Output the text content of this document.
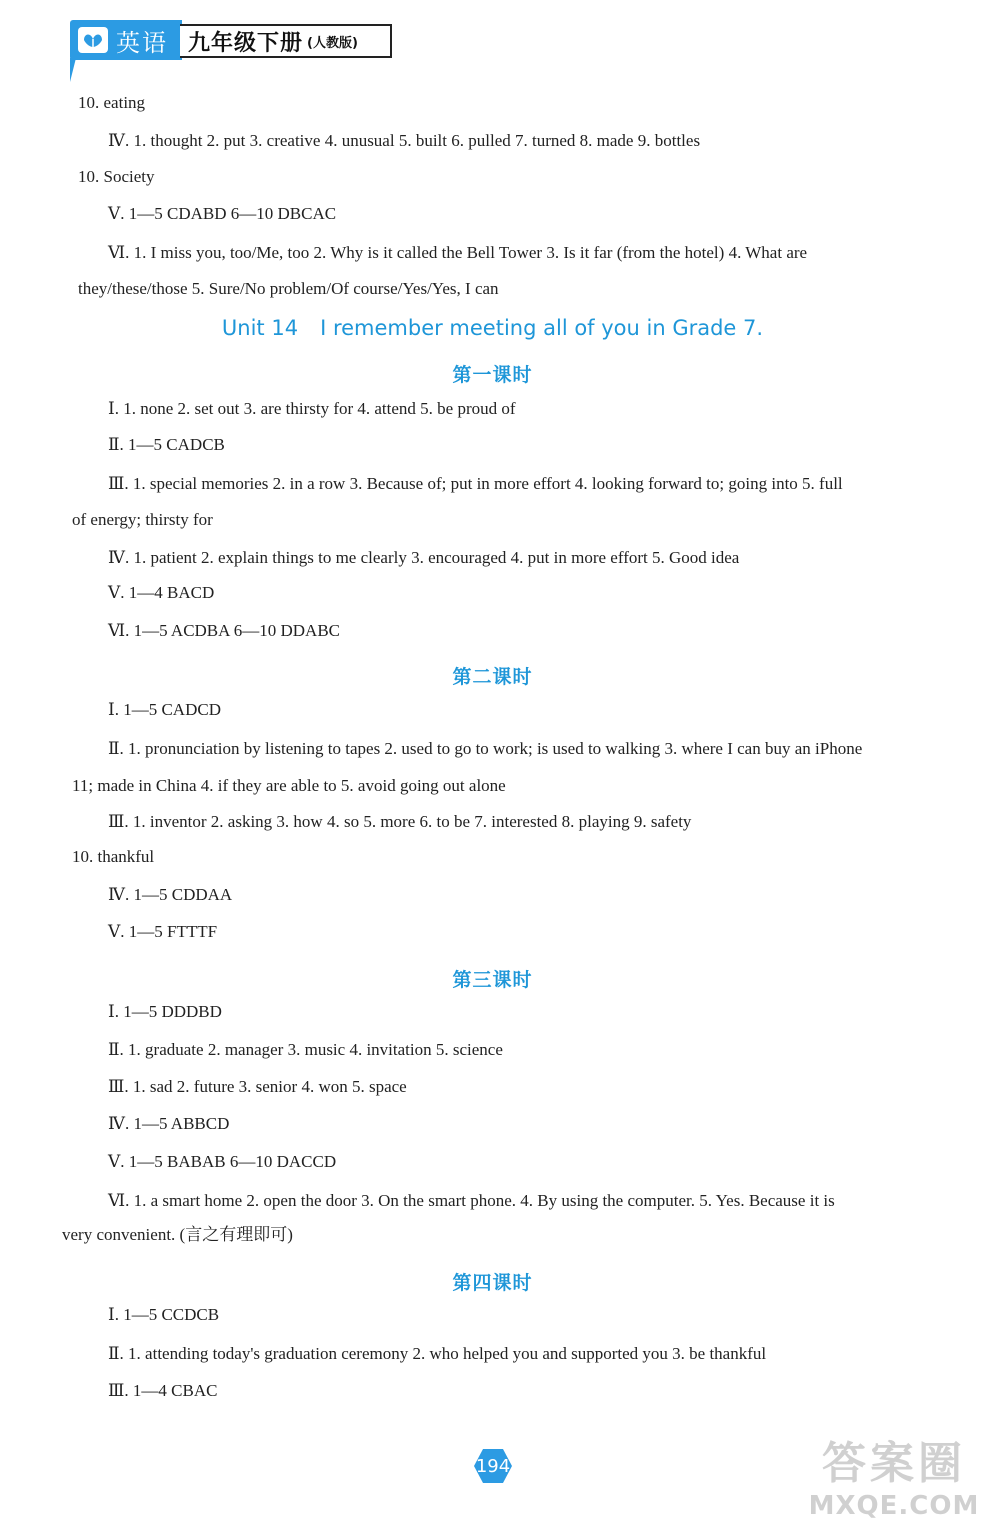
英语 九年级下册 (人教版)
10. eating
Ⅳ. 1. thought 2. put 3. creative 4. unusual 5. built 6. pulled 7. turned 8. made 9. bottles
10. Society
Ⅴ. 1—5 CDABD 6—10 DBCAC
Ⅵ. 1. I miss you, too/Me, too 2. Why is it called the Bell Tower 3. Is it far (from the hotel) 4. What are
they/these/those 5. Sure/No problem/Of course/Yes/Yes, I can
Unit 14 I remember meeting all of you in Grade 7.
第一课时
Ⅰ. 1. none 2. set out 3. are thirsty for 4. attend 5. be proud of
Ⅱ. 1—5 CADCB
Ⅲ. 1. special memories 2. in a row 3. Because of; put in more effort 4. looking forward to; going into 5. full
of energy; thirsty for
Ⅳ. 1. patient 2. explain things to me clearly 3. encouraged 4. put in more effort 5. Good idea
Ⅴ. 1—4 BACD
Ⅵ. 1—5 ACDBA 6—10 DDABC
第二课时
Ⅰ. 1—5 CADCD
Ⅱ. 1. pronunciation by listening to tapes 2. used to go to work; is used to walking 3. where I can buy an iPhone
11; made in China 4. if they are able to 5. avoid going out alone
Ⅲ. 1. inventor 2. asking 3. how 4. so 5. more 6. to be 7. interested 8. playing 9. safety
10. thankful
Ⅳ. 1—5 CDDAA
Ⅴ. 1—5 FTTTF
第三课时
Ⅰ. 1—5 DDDBD
Ⅱ. 1. graduate 2. manager 3. music 4. invitation 5. science
Ⅲ. 1. sad 2. future 3. senior 4. won 5. space
Ⅳ. 1—5 ABBCD
Ⅴ. 1—5 BABAB 6—10 DACCD
Ⅵ. 1. a smart home 2. open the door 3. On the smart phone. 4. By using the computer. 5. Yes. Because it is
very convenient. (言之有理即可)
第四课时
Ⅰ. 1—5 CCDCB
Ⅱ. 1. attending today's graduation ceremony 2. who helped you and supported you 3. be thankful
Ⅲ. 1—4 CBAC
194	答案圈
MXQE.COM
